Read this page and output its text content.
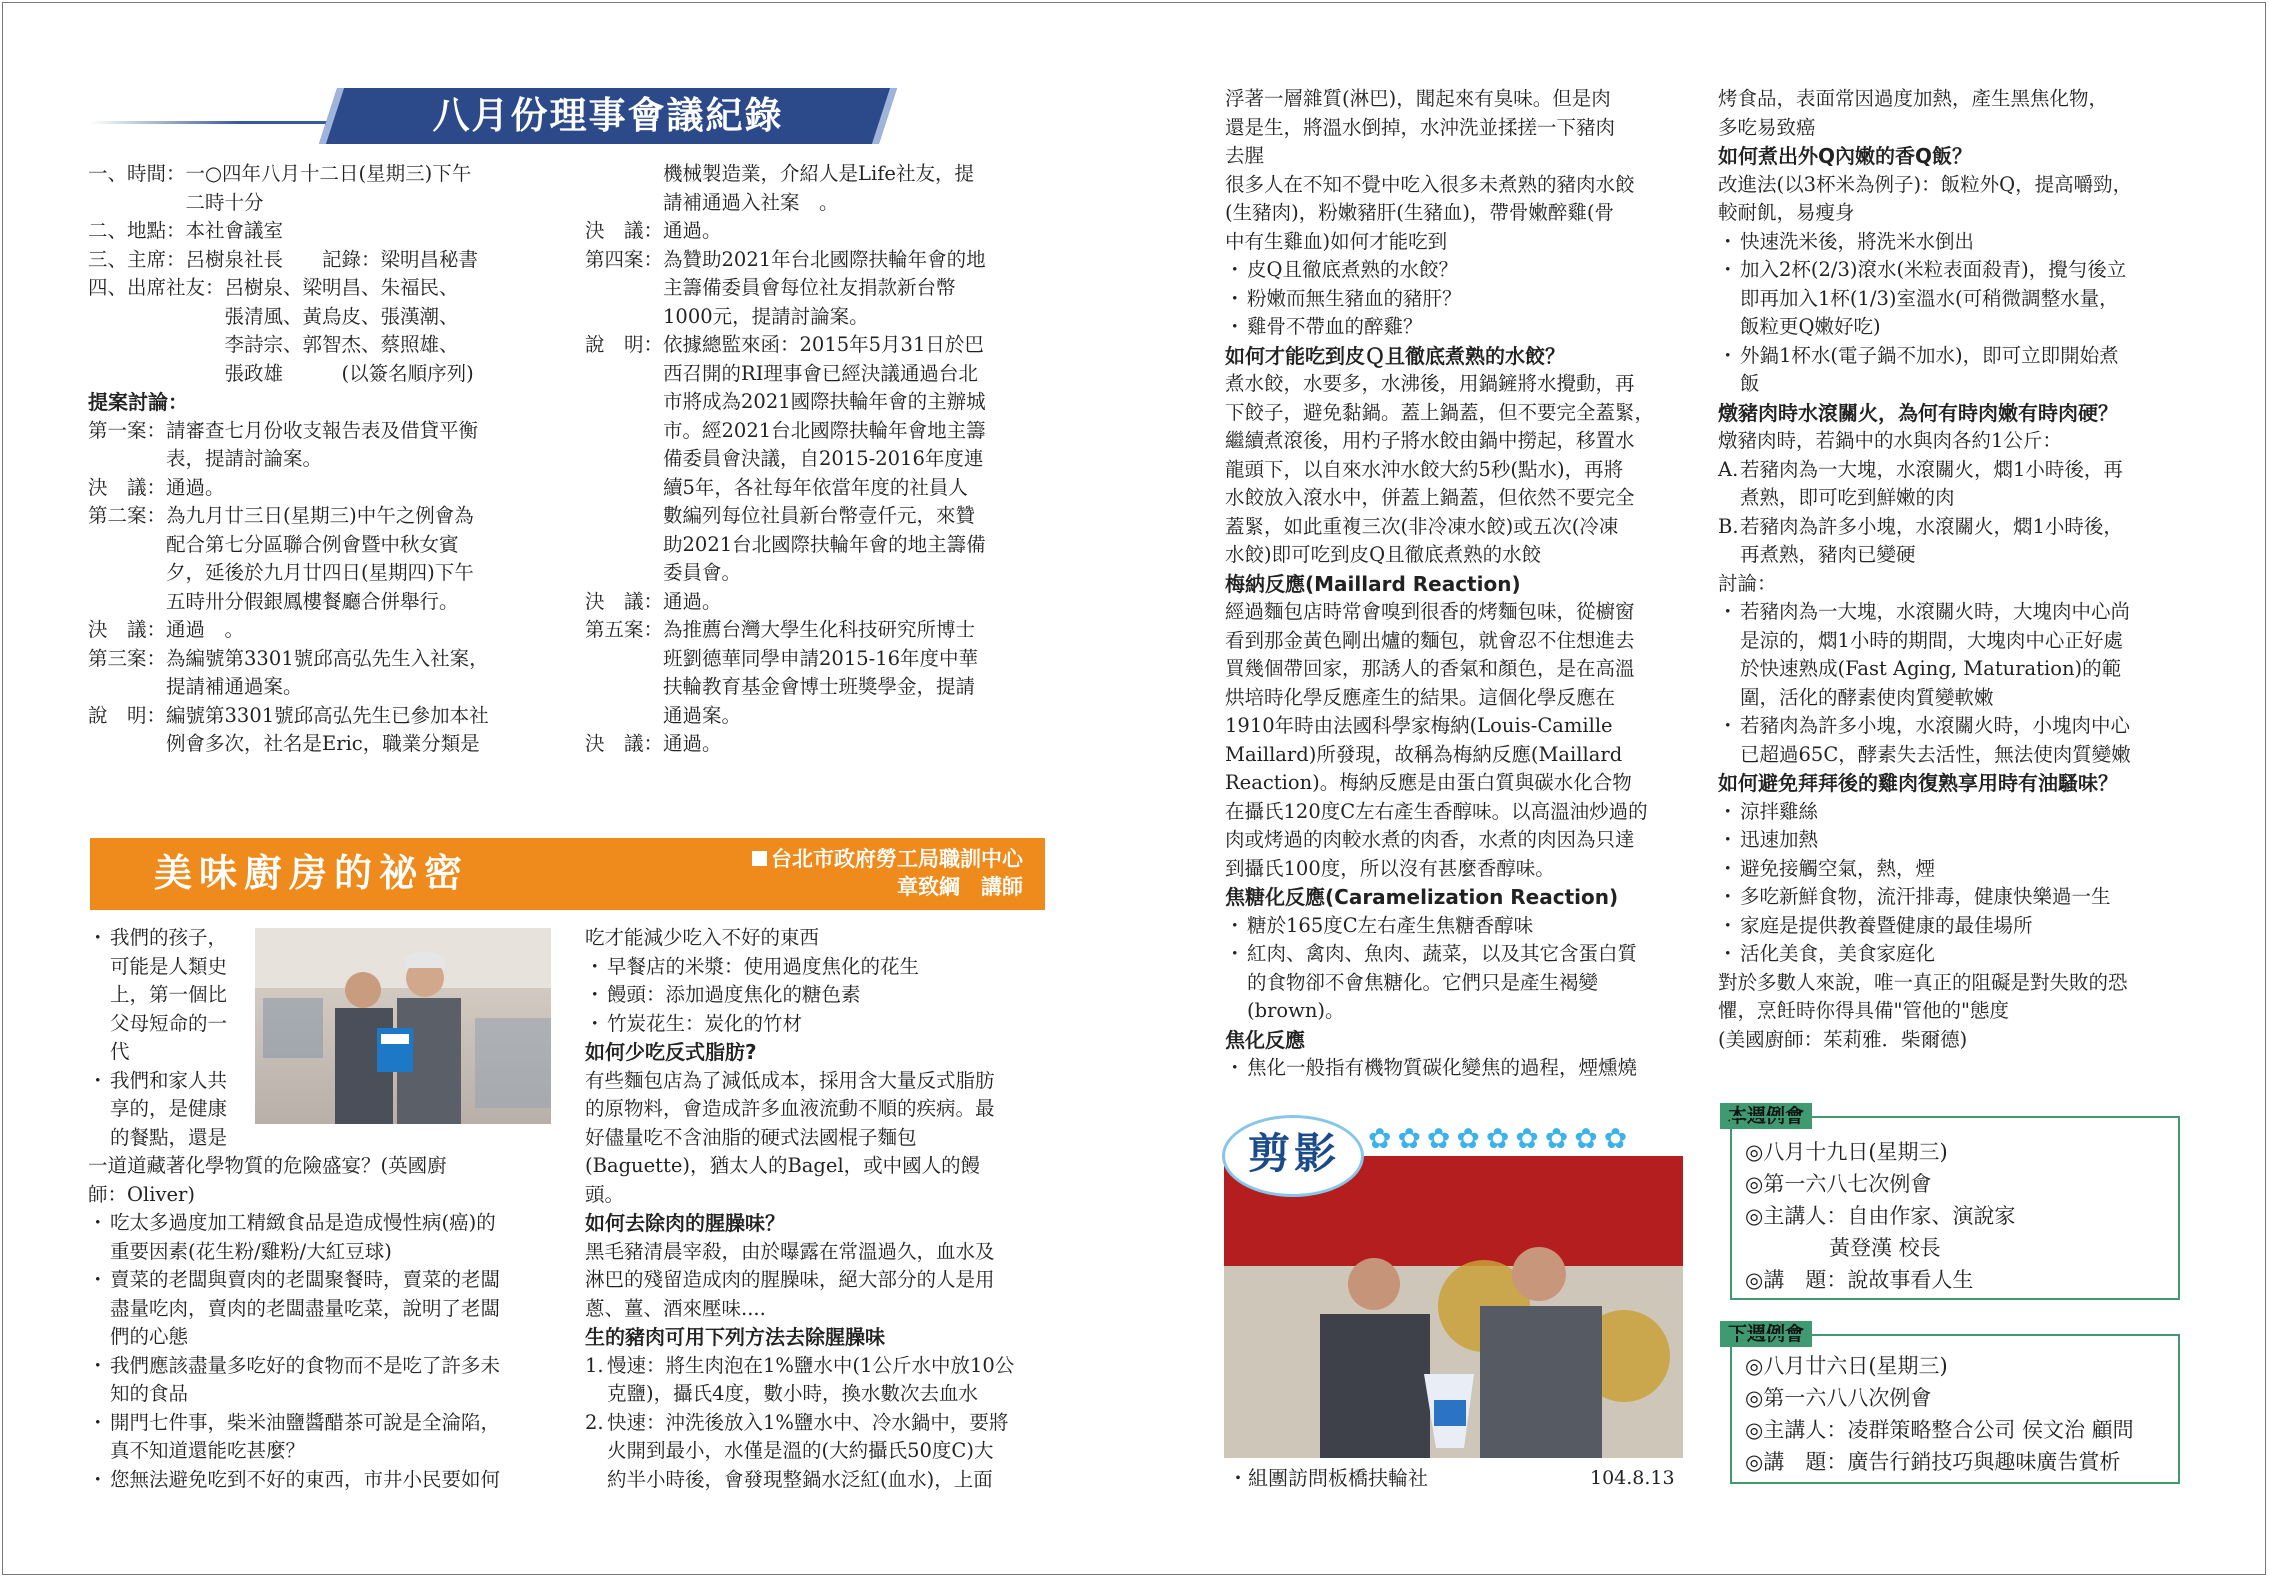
八月份理事會議紀錄
一、時間： 一○四年八月十二日(星期三)下午
二時十分
二、地點： 本社會議室
三、主席： 呂樹泉社長　　記錄：梁明昌秘書
四、出席社友： 呂樹泉、梁明昌、朱福民、
張清風、黃烏皮、張漢潮、
李詩宗、郭智杰、蔡照雄、
張政雄　　　(以簽名順序列)
提案討論：
第一案： 請審查七月份收支報告表及借貸平衡
表，提請討論案。
決　議： 通過。
第二案： 為九月廿三日(星期三)中午之例會為
配合第七分區聯合例會暨中秋女賓
夕，延後於九月廿四日(星期四)下午
五時卅分假銀鳳樓餐廳合併舉行。
決　議： 通過　。
第三案： 為編號第3301號邱高弘先生入社案，
提請補通過案。
說　明： 編號第3301號邱高弘先生已參加本社
例會多次，社名是Eric，職業分類是

機械製造業，介紹人是Life社友，提
請補通過入社案　。
決　議： 通過。
第四案： 為贊助2021年台北國際扶輪年會的地
主籌備委員會每位社友捐款新台幣
1000元，提請討論案。
說　明： 依據總監來函：2015年5月31日於巴
西召開的RI理事會已經決議通過台北
市將成為2021國際扶輪年會的主辦城
市。經2021台北國際扶輪年會地主籌
備委員會決議，自2015-2016年度連
續5年，各社每年依當年度的社員人
數編列每位社員新台幣壹仟元，來贊
助2021台北國際扶輪年會的地主籌備
委員會。
決　議： 通過。
第五案： 為推薦台灣大學生化科技研究所博士
班劉德華同學申請2015-16年度中華
扶輪教育基金會博士班獎學金，提請
通過案。
決　議： 通過。
美味廚房的祕密	台北市政府勞工局職訓中心
章致綱　講師
・ 我們的孩子，
可能是人類史
上，第一個比
父母短命的一
代
・ 我們和家人共
享的，是健康
的餐點，還是
一道道藏著化學物質的危險盛宴？(英國廚
師：Oliver)
・ 吃太多過度加工精緻食品是造成慢性病(癌)的
重要因素(花生粉/雞粉/大紅豆球)
・ 賣菜的老闆與賣肉的老闆聚餐時，賣菜的老闆
盡量吃肉，賣肉的老闆盡量吃菜，說明了老闆
們的心態
・ 我們應該盡量多吃好的食物而不是吃了許多未
知的食品
・ 開門七件事，柴米油鹽醬醋茶可說是全淪陷，
真不知道還能吃甚麼？
・ 您無法避免吃到不好的東西，市井小民要如何
吃才能減少吃入不好的東西
・ 早餐店的米漿：使用過度焦化的花生
・ 饅頭：添加過度焦化的糖色素
・ 竹炭花生：炭化的竹材
如何少吃反式脂肪?
有些麵包店為了減低成本，採用含大量反式脂肪
的原物料，會造成許多血液流動不順的疾病。最
好儘量吃不含油脂的硬式法國棍子麵包
(Baguette)，猶太人的Bagel，或中國人的饅
頭。
如何去除肉的腥臊味？
黑毛豬清晨宰殺，由於曝露在常溫過久，血水及
淋巴的殘留造成肉的腥臊味，絕大部分的人是用
蔥、薑、酒來壓味....
生的豬肉可用下列方法去除腥臊味
1. 慢速：將生肉泡在1%鹽水中(1公斤水中放10公
克鹽)，攝氏4度，數小時，換水數次去血水
2. 快速：沖洗後放入1%鹽水中、冷水鍋中，要將
火開到最小，水僅是溫的(大約攝氏50度C)大
約半小時後，會發現整鍋水泛紅(血水)，上面
浮著一層雜質(淋巴)，聞起來有臭味。但是肉
還是生，將溫水倒掉，水沖洗並揉搓一下豬肉
去腥
很多人在不知不覺中吃入很多未煮熟的豬肉水餃
(生豬肉)，粉嫩豬肝(生豬血)，帶骨嫩醉雞(骨
中有生雞血)如何才能吃到
・ 皮Q且徹底煮熟的水餃？
・ 粉嫩而無生豬血的豬肝？
・ 雞骨不帶血的醉雞？
如何才能吃到皮Ｑ且徹底煮熟的水餃？
煮水餃，水要多，水沸後，用鍋鏟將水攪動，再
下餃子，避免黏鍋。蓋上鍋蓋，但不要完全蓋緊，
繼續煮滾後，用杓子將水餃由鍋中撈起，移置水
龍頭下，以自來水沖水餃大約5秒(點水)，再將
水餃放入滾水中，併蓋上鍋蓋，但依然不要完全
蓋緊，如此重複三次(非冷凍水餃)或五次(冷凍
水餃)即可吃到皮Q且徹底煮熟的水餃
梅納反應(Maillard Reaction)
經過麵包店時常會嗅到很香的烤麵包味，從櫥窗
看到那金黃色剛出爐的麵包，就會忍不住想進去
買幾個帶回家，那誘人的香氣和顏色，是在高溫
烘培時化學反應產生的結果。這個化學反應在
1910年時由法國科學家梅納(Louis-Camille
Maillard)所發現，故稱為梅納反應(Maillard
Reaction)。梅納反應是由蛋白質與碳水化合物
在攝氏120度C左右產生香醇味。以高溫油炒過的
肉或烤過的肉較水煮的肉香，水煮的肉因為只達
到攝氏100度，所以沒有甚麼香醇味。
焦糖化反應(Caramelization Reaction)
・ 糖於165度C左右產生焦糖香醇味
・ 紅肉、禽肉、魚肉、蔬菜，以及其它含蛋白質
的食物卻不會焦糖化。它們只是產生褐變
(brown)。
焦化反應
・ 焦化一般指有機物質碳化變焦的過程，煙燻燒
烤食品，表面常因過度加熱，產生黑焦化物，
多吃易致癌
如何煮出外Q內嫩的香Q飯？
改進法(以3杯米為例子)：飯粒外Q，提高嚼勁，
較耐飢，易瘦身
・ 快速洗米後，將洗米水倒出
・ 加入2杯(2/3)滾水(米粒表面殺青)，攪勻後立
即再加入1杯(1/3)室溫水(可稍微調整水量，
飯粒更Q嫩好吃)
・ 外鍋1杯水(電子鍋不加水)，即可立即開始煮
飯
燉豬肉時水滾關火，為何有時肉嫩有時肉硬？
燉豬肉時，若鍋中的水與肉各約1公斤：
A. 若豬肉為一大塊，水滾關火，燜1小時後，再
煮熟，即可吃到鮮嫩的肉
B. 若豬肉為許多小塊，水滾關火，燜1小時後，
再煮熟，豬肉已變硬
討論：
・ 若豬肉為一大塊，水滾關火時，大塊肉中心尚
是涼的，燜1小時的期間，大塊肉中心正好處
於快速熟成(Fast Aging, Maturation)的範
圍，活化的酵素使肉質變軟嫩
・ 若豬肉為許多小塊，水滾關火時，小塊肉中心
已超過65C，酵素失去活性，無法使肉質變嫩
如何避免拜拜後的雞肉復熟享用時有油騷味？
・ 涼拌雞絲
・ 迅速加熱
・ 避免接觸空氣，熱，煙
・ 多吃新鮮食物，流汗排毒，健康快樂過一生
・ 家庭是提供教養暨健康的最佳場所
・ 活化美食，美食家庭化
對於多數人來說，唯一真正的阻礙是對失敗的恐
懼，烹飪時你得具備"管他的"態度
(美國廚師：茱莉雅．柴爾德)
剪影 ✿✿✿✿✿✿✿✿✿
・組團訪問板橋扶輪社	104.8.13
本週例會
◎八月十九日(星期三)
◎第一六八七次例會
◎主講人：自由作家、演說家
　　　　黃登漢 校長
◎講　題：說故事看人生
下週例會
◎八月廿六日(星期三)
◎第一六八八次例會
◎主講人：凌群策略整合公司 侯文治 顧問
◎講　題：廣告行銷技巧與趣味廣告賞析
